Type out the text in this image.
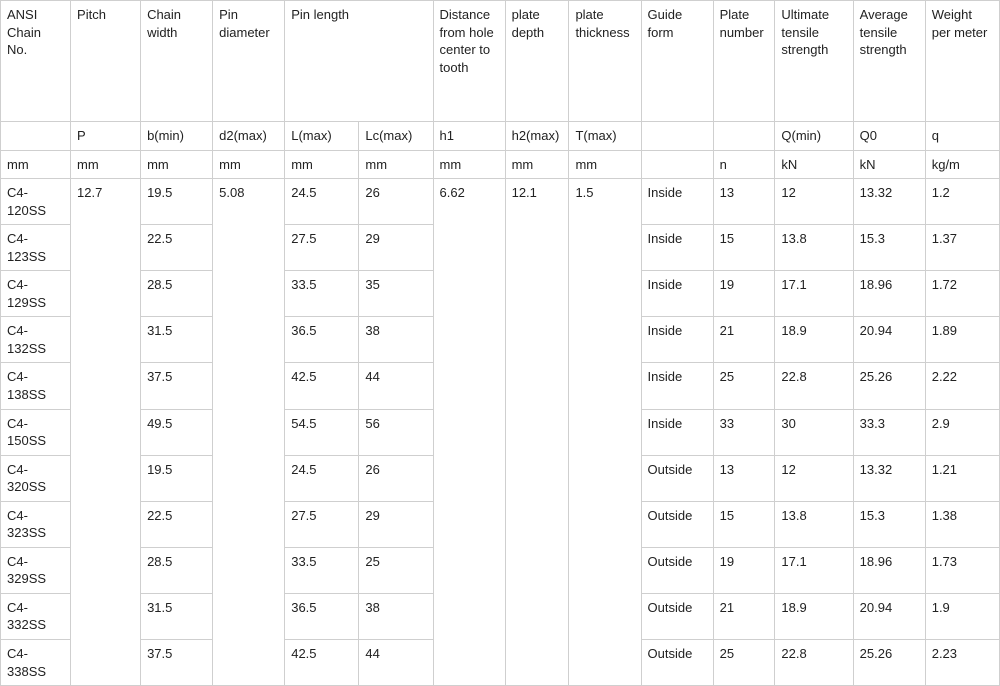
ANSI Chain No.	Pitch	Chain width	Pin diameter	Pin length		Distance from hole center to tooth	plate depth	plate thickness	Guide form	Plate number	Ultimate tensile strength	Average tensile strength	Weight per meter

	P	b(min)	d2(max)	L(max)	Lc(max)	h1	h2(max)	T(max)			Q(min)	Q0	q
mm	mm	mm	mm	mm	mm	mm	mm	mm		n	kN	kN	kg/m
C4-120SS	12.7	19.5	5.08	24.5	26	6.62	12.1	1.5	Inside	13	12	13.32	1.2
C4-123SS		22.5		27.5	29				Inside	15	13.8	15.3	1.37
C4-129SS		28.5		33.5	35				Inside	19	17.1	18.96	1.72
C4-132SS		31.5		36.5	38				Inside	21	18.9	20.94	1.89
C4-138SS		37.5		42.5	44				Inside	25	22.8	25.26	2.22
C4-150SS		49.5		54.5	56				Inside	33	30	33.3	2.9
C4-320SS		19.5		24.5	26				Outside	13	12	13.32	1.21
C4-323SS		22.5		27.5	29				Outside	15	13.8	15.3	1.38
C4-329SS		28.5		33.5	25				Outside	19	17.1	18.96	1.73
C4-332SS		31.5		36.5	38				Outside	21	18.9	20.94	1.9
C4-338SS		37.5		42.5	44				Outside	25	22.8	25.26	2.23
